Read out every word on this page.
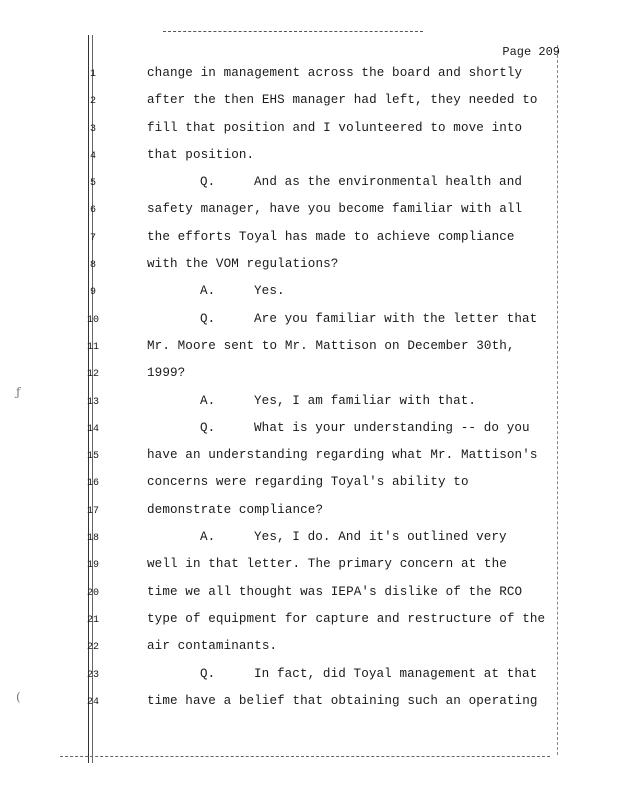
Page 209
1	change in management across the board and shortly
2	after the then EHS manager had left, they needed to
3	fill that position and I volunteered to move into
4	that position.
5	Q.	And as the environmental health and
6	safety manager, have you become familiar with all
7	the efforts Toyal has made to achieve compliance
8	with the VOM regulations?
9	A.	Yes.
10	Q.	Are you familiar with the letter that
11	Mr. Moore sent to Mr. Mattison on December 30th,
12	1999?
13	A.	Yes, I am familiar with that.
14	Q.	What is your understanding -- do you
15	have an understanding regarding what Mr. Mattison's
16	concerns were regarding Toyal's ability to
17	demonstrate compliance?
18	A.	Yes, I do. And it's outlined very
19	well in that letter. The primary concern at the
20	time we all thought was IEPA's dislike of the RCO
21	type of equipment for capture and restructure of the
22	air contaminants.
23	Q.	In fact, did Toyal management at that
24	time have a belief that obtaining such an operating
ƒ
(
